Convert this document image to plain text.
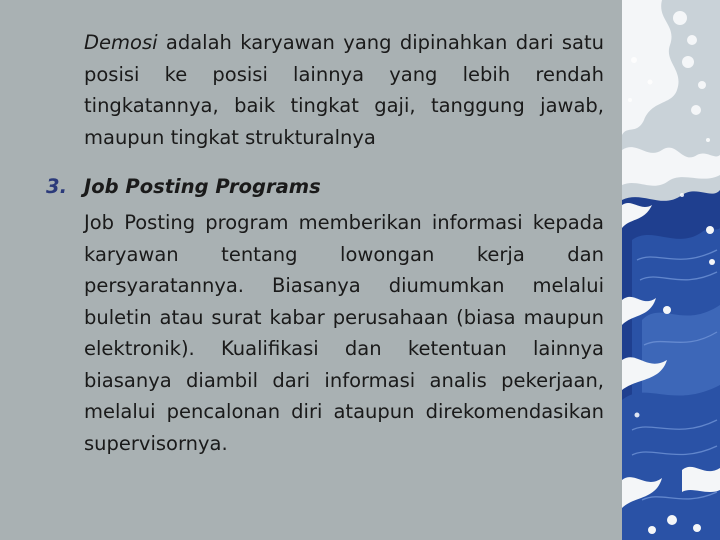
Demosi adalah karyawan yang dipinahkan dari satu posisi ke posisi lainnya yang lebih rendah tingkatannya, baik tingkat gaji, tanggung jawab, maupun tingkat strukturalnya

3. Job Posting Programs

Job Posting program memberikan informasi kepada karyawan tentang lowongan kerja dan persyaratannya. Biasanya diumumkan melalui buletin atau surat kabar perusahaan (biasa maupun elektronik). Kualifikasi dan ketentuan lainnya biasanya diambil dari informasi analis pekerjaan, melalui pencalonan diri ataupun direkomendasikan supervisornya.
